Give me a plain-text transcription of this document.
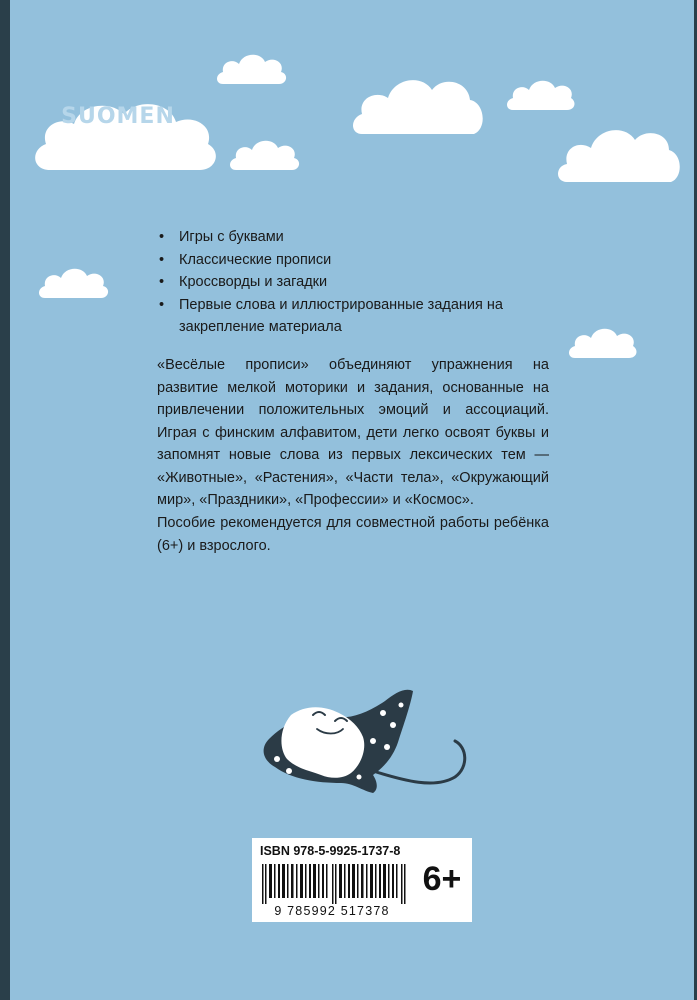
SUOMEN
• Игры с буквами
• Классические прописи
• Кроссворды и загадки
• Первые слова и иллюстрированные задания на закрепление материала

«Весёлые прописи» объединяют упражнения на развитие мелкой моторики и задания, основанные на привлечении положительных эмоций и ассоциаций. Играя с финским алфавитом, дети легко освоят буквы и запомнят новые слова из первых лексических тем — «Животные», «Растения», «Части тела», «Окружающий мир», «Праздники», «Профессии» и «Космос».

Пособие рекомендуется для совместной работы ребёнка (6+) и взрослого.

ISBN 978-5-9925-1737-8
9 785992 517378
6+
